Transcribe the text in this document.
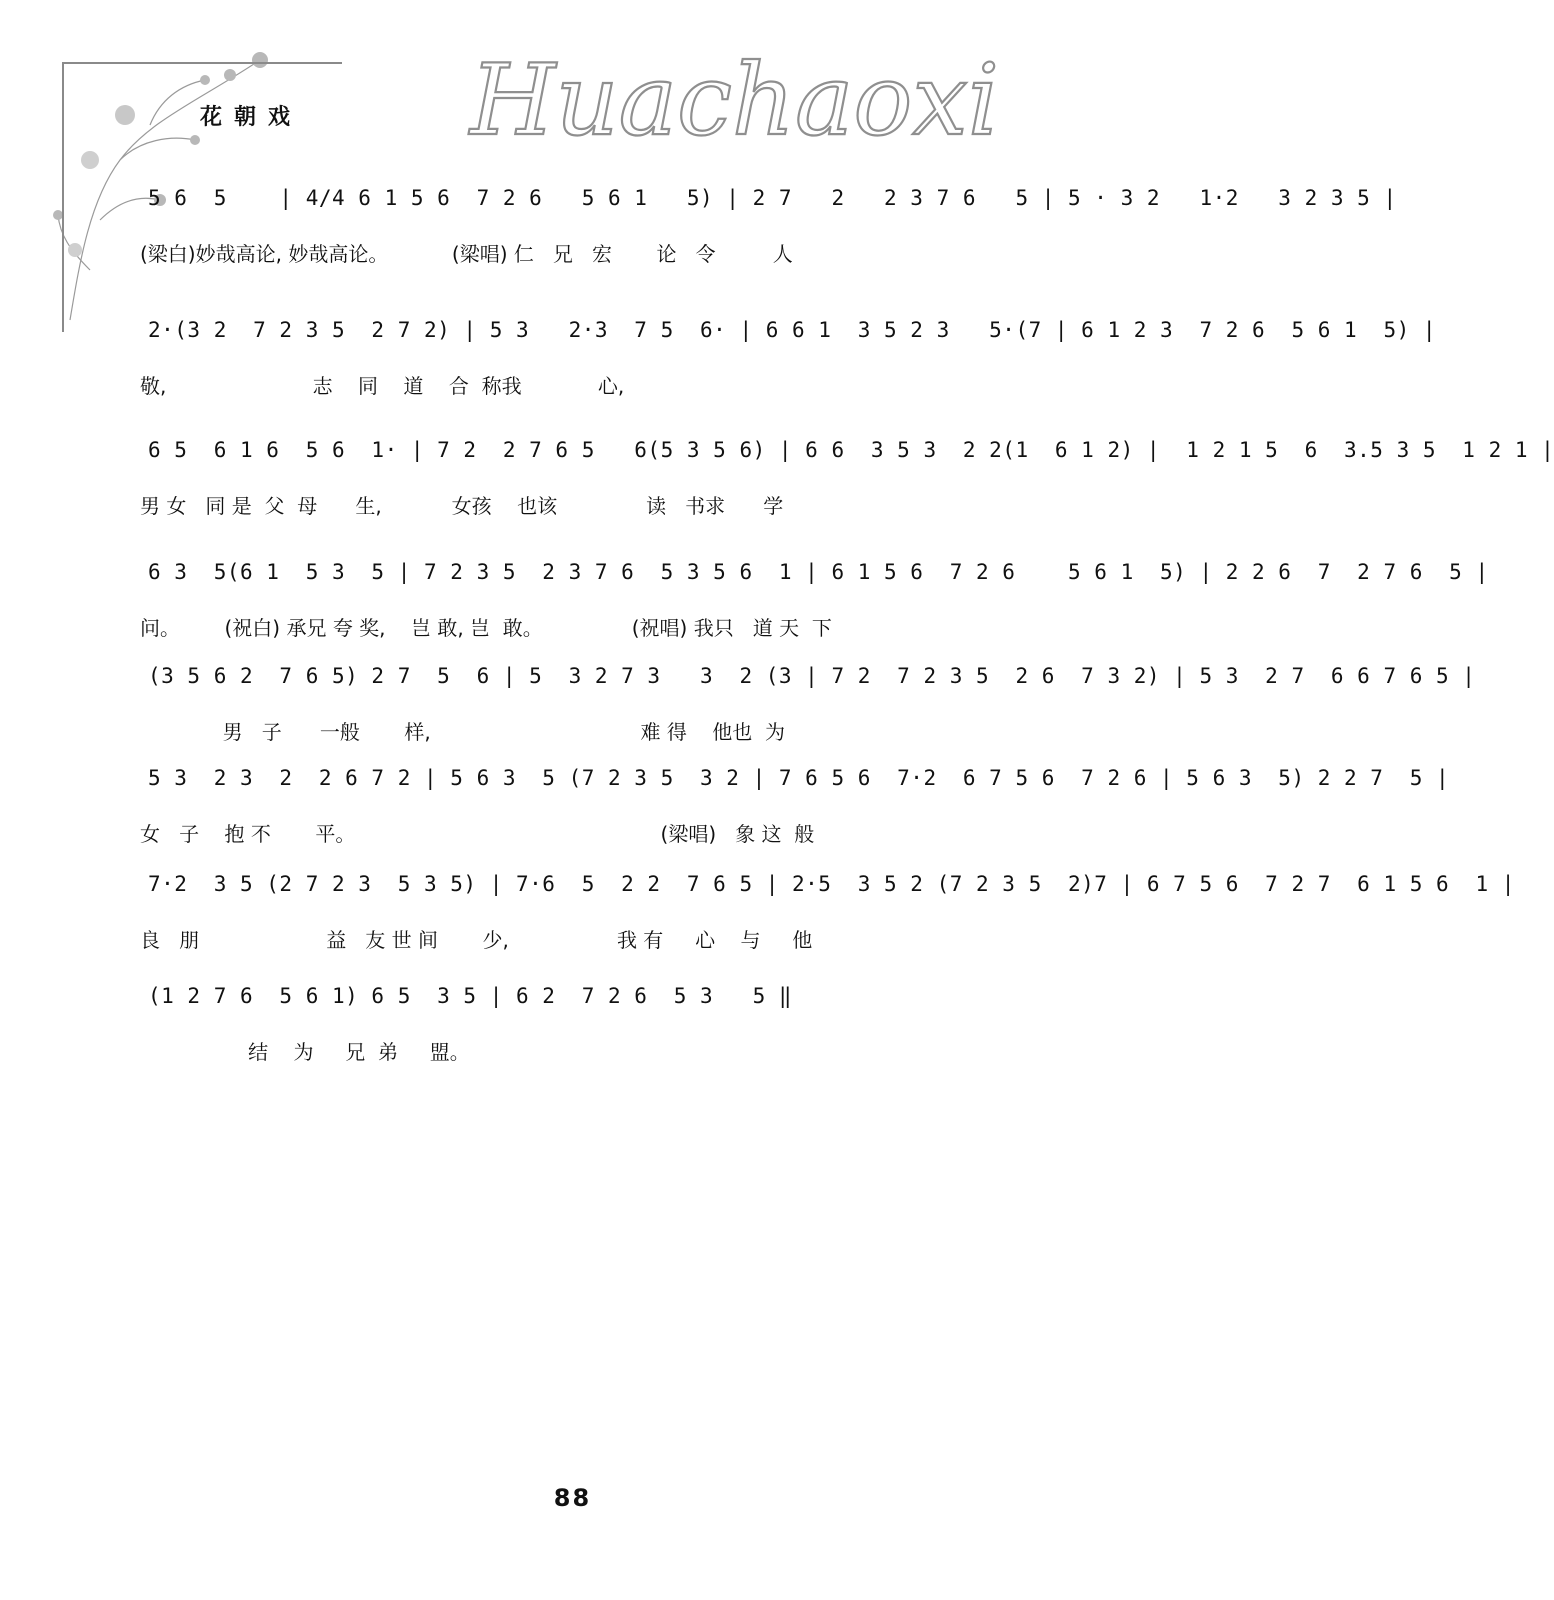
花朝戏 Huachaoxi
5 6  5    | 4/4 6 1 5 6  7 2 6   5 6 1   5) | 2 7   2   2 3 7 6   5 | 5 · 3 2   1·2   3 2 3 5 |
(梁白)妙哉高论, 妙哉高论。          (梁唱) 仁   兄   宏       论   令         人
2·(3 2  7 2 3 5  2 7 2) | 5 3   2·3  7 5  6· | 6 6 1  3 5 2 3   5·(7 | 6 1 2 3  7 2 6  5 6 1  5) |
敬,                       志    同    道    合  称我            心,
6 5  6 1 6  5 6  1· | 7 2  2 7 6 5   6(5 3 5 6) | 6 6  3 5 3  2 2(1  6 1 2) |  1 2 1 5  6  3.5 3 5  1 2 1 |
男 女   同 是  父  母      生,           女孩    也该              读   书求      学
6 3  5(6 1  5 3  5 | 7 2 3 5  2 3 7 6  5 3 5 6  1 | 6 1 5 6  7 2 6    5 6 1  5) | 2 2 6  7  2 7 6  5 |
问。       (祝白) 承兄 夸 奖,    岂 敢, 岂  敢。              (祝唱) 我只   道 天  下
(3 5 6 2  7 6 5) 2 7  5  6 | 5  3 2 7 3   3  2 (3 | 7 2  7 2 3 5  2 6  7 3 2) | 5 3  2 7  6 6 7 6 5 |
男   子      一般       样,                                 难 得    他也  为
5 3  2 3  2  2 6 7 2 | 5 6 3  5 (7 2 3 5  3 2 | 7 6 5 6  7·2  6 7 5 6  7 2 6 | 5 6 3  5) 2 2 7  5 |
女   子    抱 不       平。                                                (梁唱)   象 这  般
7·2  3 5 (2 7 2 3  5 3 5) | 7·6  5  2 2  7 6 5 | 2·5  3 5 2 (7 2 3 5  2)7 | 6 7 5 6  7 2 7  6 1 5 6  1 |
良   朋                    益   友 世 间       少,                 我 有     心    与     他
(1 2 7 6  5 6 1) 6 5  3 5 | 6 2  7 2 6  5 3   5 ‖
结    为     兄  弟     盟。
88
